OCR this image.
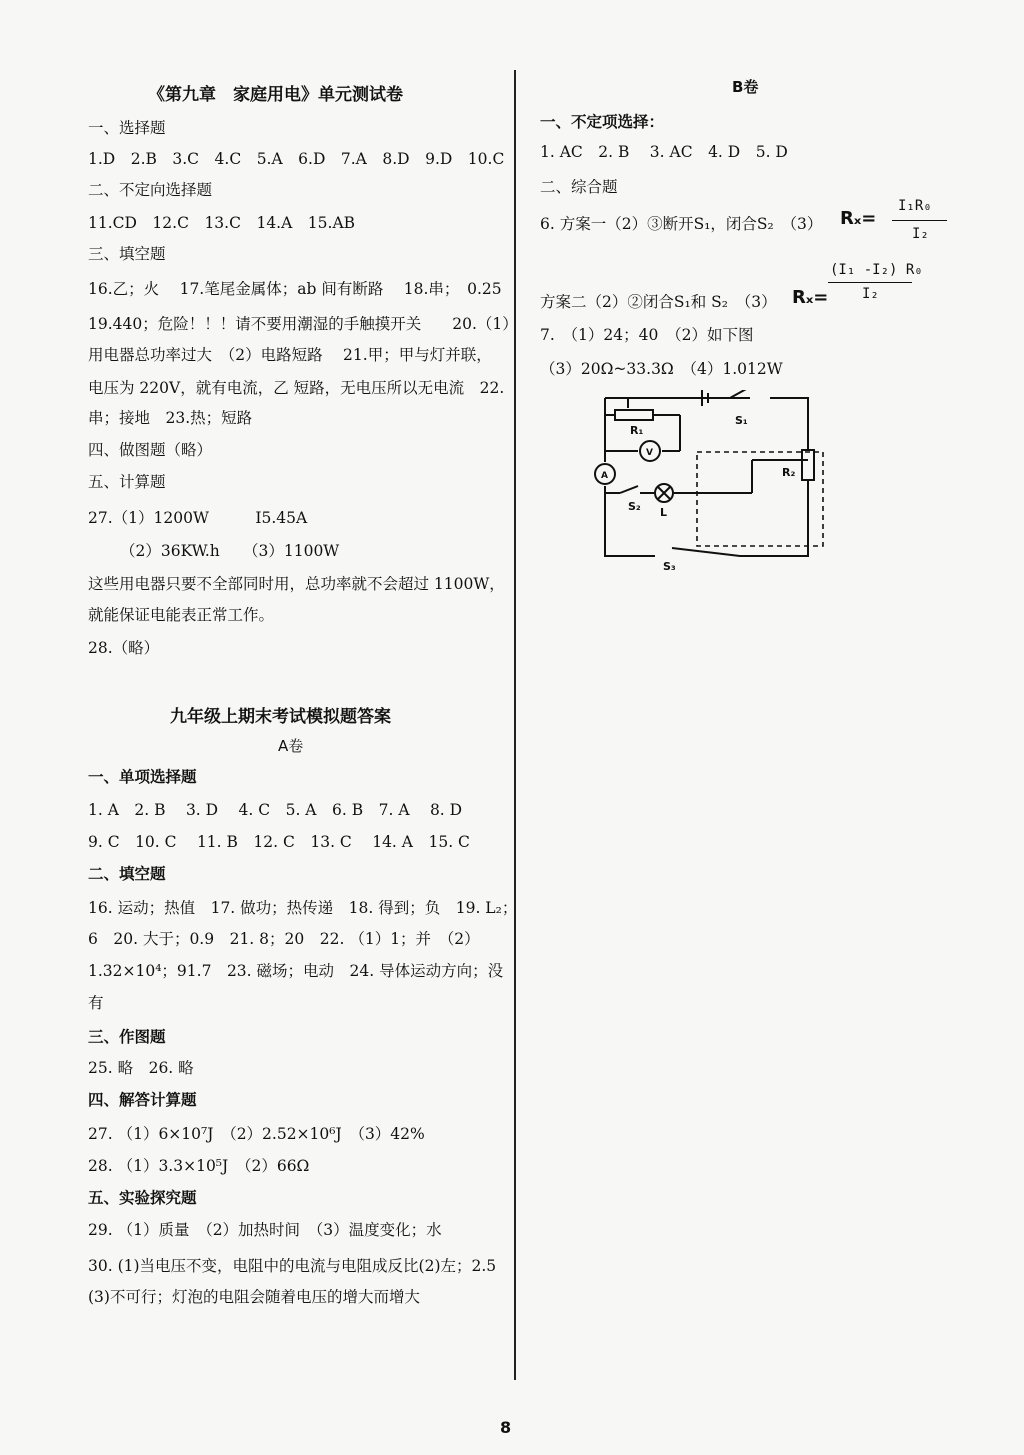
《第九章　家庭用电》单元测试卷
一、选择题
1.D　2.B　3.C　4.C　5.A　6.D　7.A　8.D　9.D　10.C
二、不定向选择题
11.CD　12.C　13.C　14.A　15.AB
三、填空题
16.乙；火　 17.笔尾金属体；ab 间有断路　 18.串；　0.25
19.440；危险！！！请不要用潮湿的手触摸开关　　20.（1）
用电器总功率过大　（2）电路短路　 21.甲；甲与灯并联，
电压为 220V，就有电流，乙 短路，无电压所以无电流　22.
串；接地　23.热；短路
四、做图题（略）
五、计算题
27.（1）1200W　　　I5.45A
（2）36KW.h　　（3）1100W
这些用电器只要不全部同时用，总功率就不会超过 1100W，
就能保证电能表正常工作。
28.（略）
九年级上期末考试模拟题答案
A卷
一、单项选择题
1. A　2. B　 3. D　 4. C　5. A　6. B　7. A　 8. D
9. C　10. C　 11. B　12. C　13. C　 14. A　15. C
二、填空题
16. 运动；热值　17. 做功；热传递　18. 得到；负　19. L₂；
6　20. 大于；0.9　21. 8；20　22. （1）1；并　（2）
1.32×10⁴；91.7　23. 磁场；电动　24. 导体运动方向；没
有
三、作图题
25. 略　26. 略
四、解答计算题
27. （1）6×10⁷J　（2）2.52×10⁶J　（3）42%
28. （1）3.3×10⁵J　（2）66Ω
五、实验探究题
29. （1）质量　（2）加热时间　（3）温度变化；水
30. (1)当电压不变，电阻中的电流与电阻成反比(2)左；2.5
(3)不可行；灯泡的电阻会随着电压的增大而增大
B卷
一、不定项选择：
1. AC　2. B　 3. AC　4. D　5. D
二、综合题
6. 方案一（2）③断开S₁，闭合S₂　（3） Rₓ=
I₁R₀
I₂
方案二（2）②闭合S₁和 S₂　（3） Rₓ=
(I₁ -I₂) R₀
I₂
7.　（1）24；40　（2）如下图
（3）20Ω~33.3Ω　（4）1.012W
R₁
S₁
R₂
V
A
S₂ L
S₃
8
